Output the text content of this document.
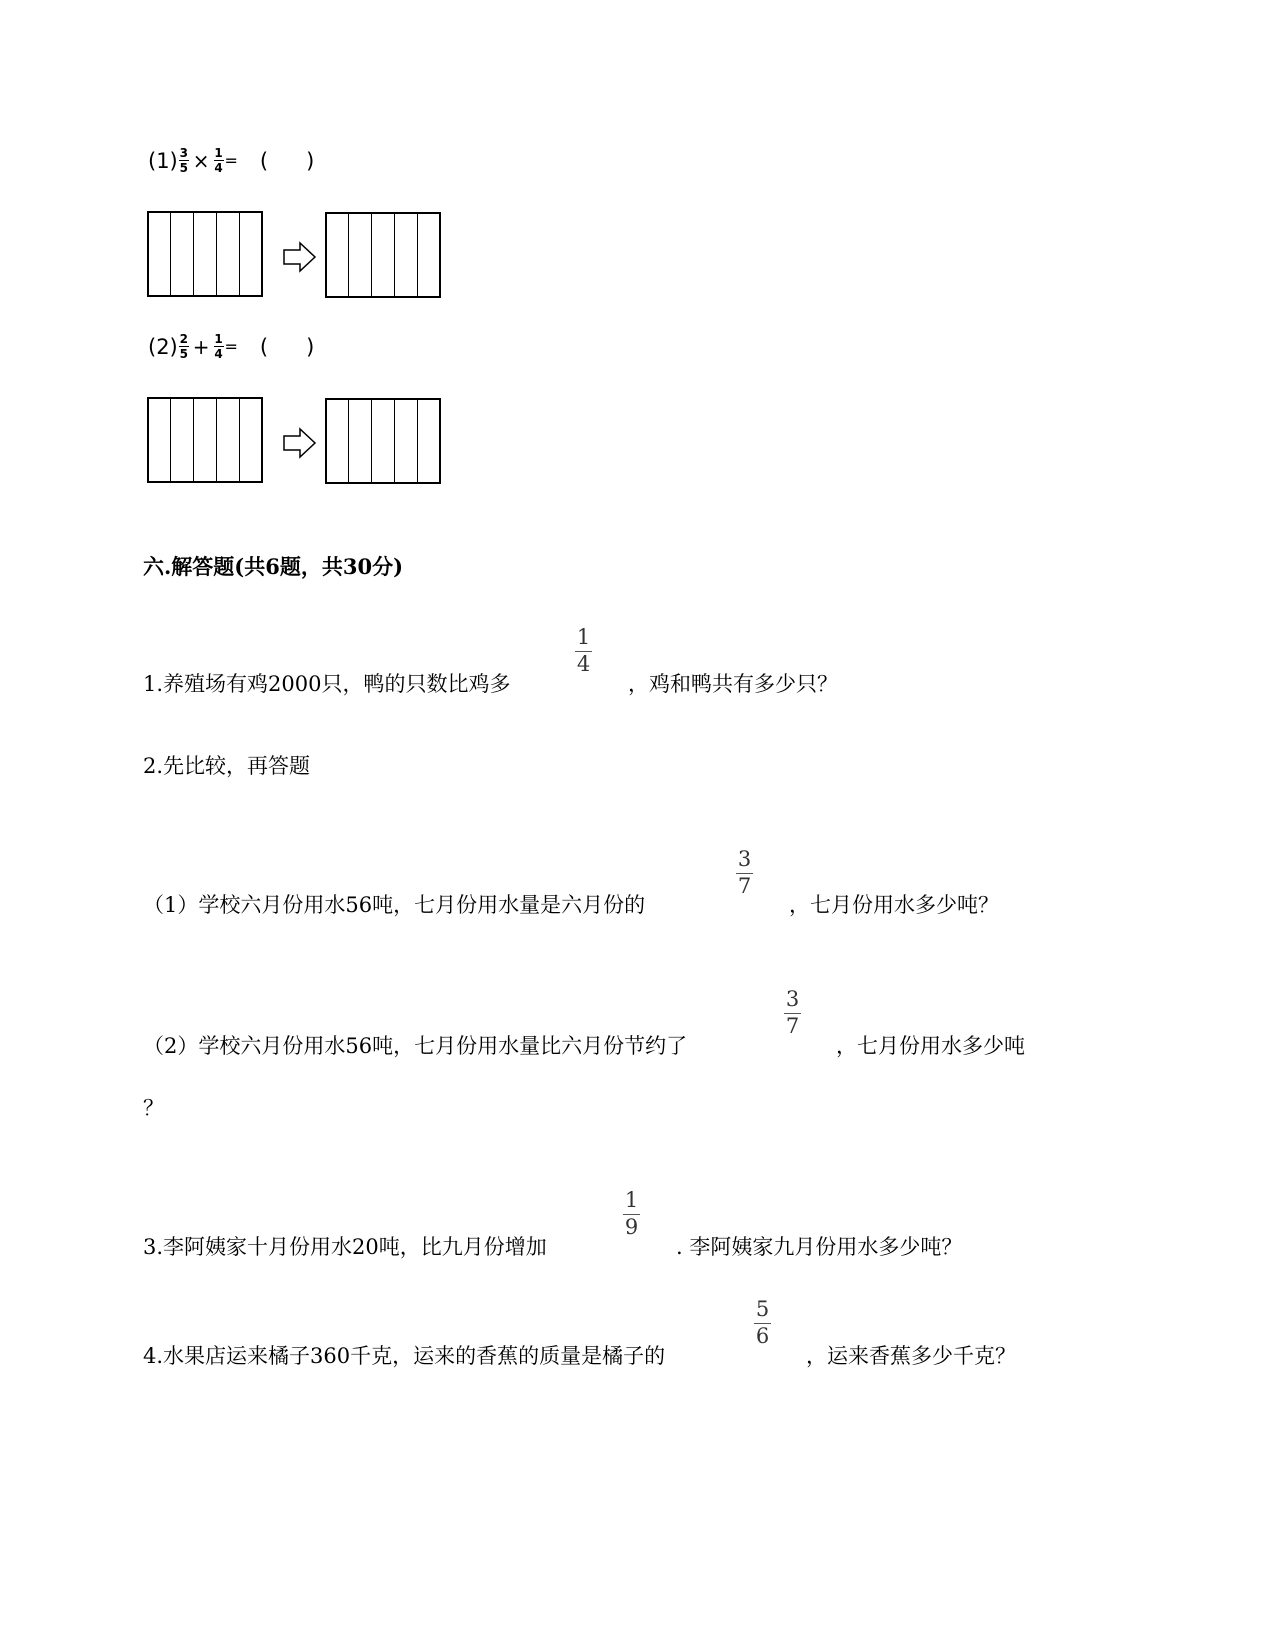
(1) 3
5 × 1
4 = ( )
(2) 2
5 + 1
4 = ( )
六.解答题(共6题，共30分)
1.养殖场有鸡2000只，鸭的只数比鸡多
1
4
，鸡和鸭共有多少只？
2.先比较，再答题
（1）学校六月份用水56吨，七月份用水量是六月份的
3
7
，七月份用水多少吨？
（2）学校六月份用水56吨，七月份用水量比六月份节约了
3
7
，七月份用水多少吨
？
3.李阿姨家十月份用水20吨，比九月份增加
1
9
. 李阿姨家九月份用水多少吨？
4.水果店运来橘子360千克，运来的香蕉的质量是橘子的
5
6
，运来香蕉多少千克？
